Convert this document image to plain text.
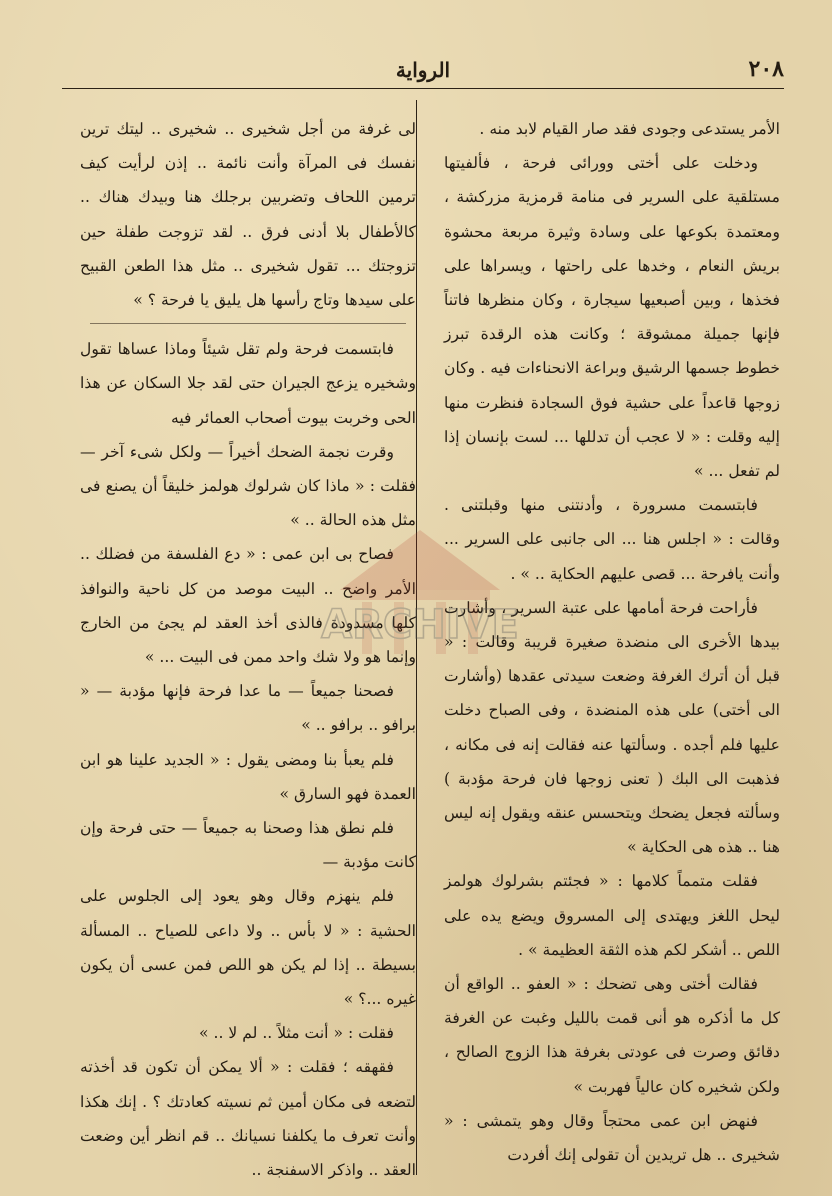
٢٠٨
الرواية

الأمر يستدعى وجودى فقد صار القيام لابد منه .

ودخلت على أختى وورائى فرحة ، فألفيتها مستلقية على السرير فى منامة قرمزية مزركشة ، ومعتمدة بكوعها على وسادة وثيرة مربعة محشوة بريش النعام ، وخدها على راحتها ، ويسراها على فخذها ، وبين أصبعيها سيجارة ، وكان منظرها فاتناً فإنها جميلة ممشوقة ؛ وكانت هذه الرقدة تبرز خطوط جسمها الرشيق وبراعة الانحناءات فيه . وكان زوجها قاعداً على حشية فوق السجادة فنظرت منها إليه وقلت : « لا عجب أن تدللها ... لست بإنسان إذا لم تفعل ... »

فابتسمت مسرورة ، وأدنتنى منها وقبلتنى . وقالت : « اجلس هنا ... الى جانبى على السرير ... وأنت يافرحة ... قصى عليهم الحكاية .. » .

فأراحت فرحة أمامها على عتبة السرير ، وأشارت بيدها الأخرى الى منضدة صغيرة قريبة وقالت : « قبل أن أترك الغرفة وضعت سيدتى عقدها (وأشارت الى أختى) على هذه المنضدة ، وفى الصباح دخلت عليها فلم أجده . وسألتها عنه فقالت إنه فى مكانه ، فذهبت الى البك ( تعنى زوجها فان فرحة مؤدبة ) وسألته فجعل يضحك ويتحسس عنقه ويقول إنه ليس هنا .. هذه هى الحكاية »

فقلت متمماً كلامها : « فجئتم بشرلوك هولمز ليحل اللغز ويهتدى إلى المسروق ويضع يده على اللص .. أشكر لكم هذه الثقة العظيمة » .

فقالت أختى وهى تضحك : « العفو .. الواقع أن كل ما أذكره هو أنى قمت بالليل وغبت عن الغرفة دقائق وصرت فى عودتى بغرفة هذا الزوج الصالح ، ولكن شخيره كان عالياً فهربت »

فنهض ابن عمى محتجاً وقال وهو يتمشى : « شخيرى .. هل تريدين أن تقولى إنك أفردت

لى غرفة من أجل شخيرى .. شخيرى .. ليتك ترين نفسك فى المرآة وأنت نائمة .. إذن لرأيت كيف ترمين اللحاف وتضربين برجلك هنا وبيدك هناك .. كالأطفال بلا أدنى فرق .. لقد تزوجت طفلة حين تزوجتك ... تقول شخيرى .. مثل هذا الطعن القبيح على سيدها وتاج رأسها هل يليق يا فرحة ؟ »

فابتسمت فرحة ولم تقل شيئاً وماذا عساها تقول وشخيره يزعج الجيران حتى لقد جلا السكان عن هذا الحى وخربت بيوت أصحاب العمائر فيه

وقرت نجمة الضحك أخيراً — ولكل شىء آخر — فقلت : « ماذا كان شرلوك هولمز خليقاً أن يصنع فى مثل هذه الحالة .. »

فصاح بى ابن عمى : « دع الفلسفة من فضلك .. الأمر واضح .. البيت موصد من كل ناحية والنوافذ كلها مسدودة فالذى أخذ العقد لم يجئ من الخارج وإنما هو ولا شك واحد ممن فى البيت ... »

فصحنا جميعاً — ما عدا فرحة فإنها مؤدبة — « برافو .. برافو .. »

فلم يعبأ بنا ومضى يقول : « الجديد علينا هو ابن العمدة فهو السارق »

فلم نطق هذا وصحنا به جميعاً — حتى فرحة وإن كانت مؤدبة —

فلم ينهزم وقال وهو يعود إلى الجلوس على الحشية : « لا بأس .. ولا داعى للصياح .. المسألة بسيطة .. إذا لم يكن هو اللص فمن عسى أن يكون غيره ...؟ »

فقلت : « أنت مثلاً .. لم لا .. »

فقهقه ؛ فقلت : « ألا يمكن أن تكون قد أخذته لتضعه فى مكان أمين ثم نسيته كعادتك ؟ . إنك هكذا وأنت تعرف ما يكلفنا نسيانك .. قم انظر أين وضعت العقد .. واذكر الاسفنجة ..

ARCHIVE
